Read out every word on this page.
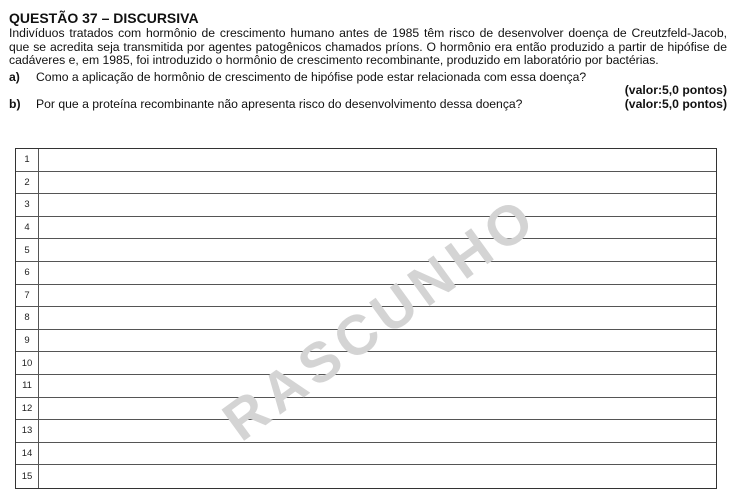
QUESTÃO 37 – DISCURSIVA

Indivíduos tratados com hormônio de crescimento humano antes de 1985 têm risco de desenvolver doença de Creutzfeld-Jacob, que se acredita seja transmitida por agentes patogênicos chamados príons. O hormônio era então produzido a partir de hipófise de cadáveres e, em 1985, foi introduzido o hormônio de crescimento recombinante, produzido em laboratório por bactérias.

a) Como a aplicação de hormônio de crescimento de hipófise pode estar relacionada com essa doença?
(valor:5,0 pontos)
b) Por que a proteína recombinante não apresenta risco do desenvolvimento dessa doença?	(valor:5,0 pontos)
1
2
3
4
5
6
7
8
9
10
11
12
13
14
15
RASCUNHO
